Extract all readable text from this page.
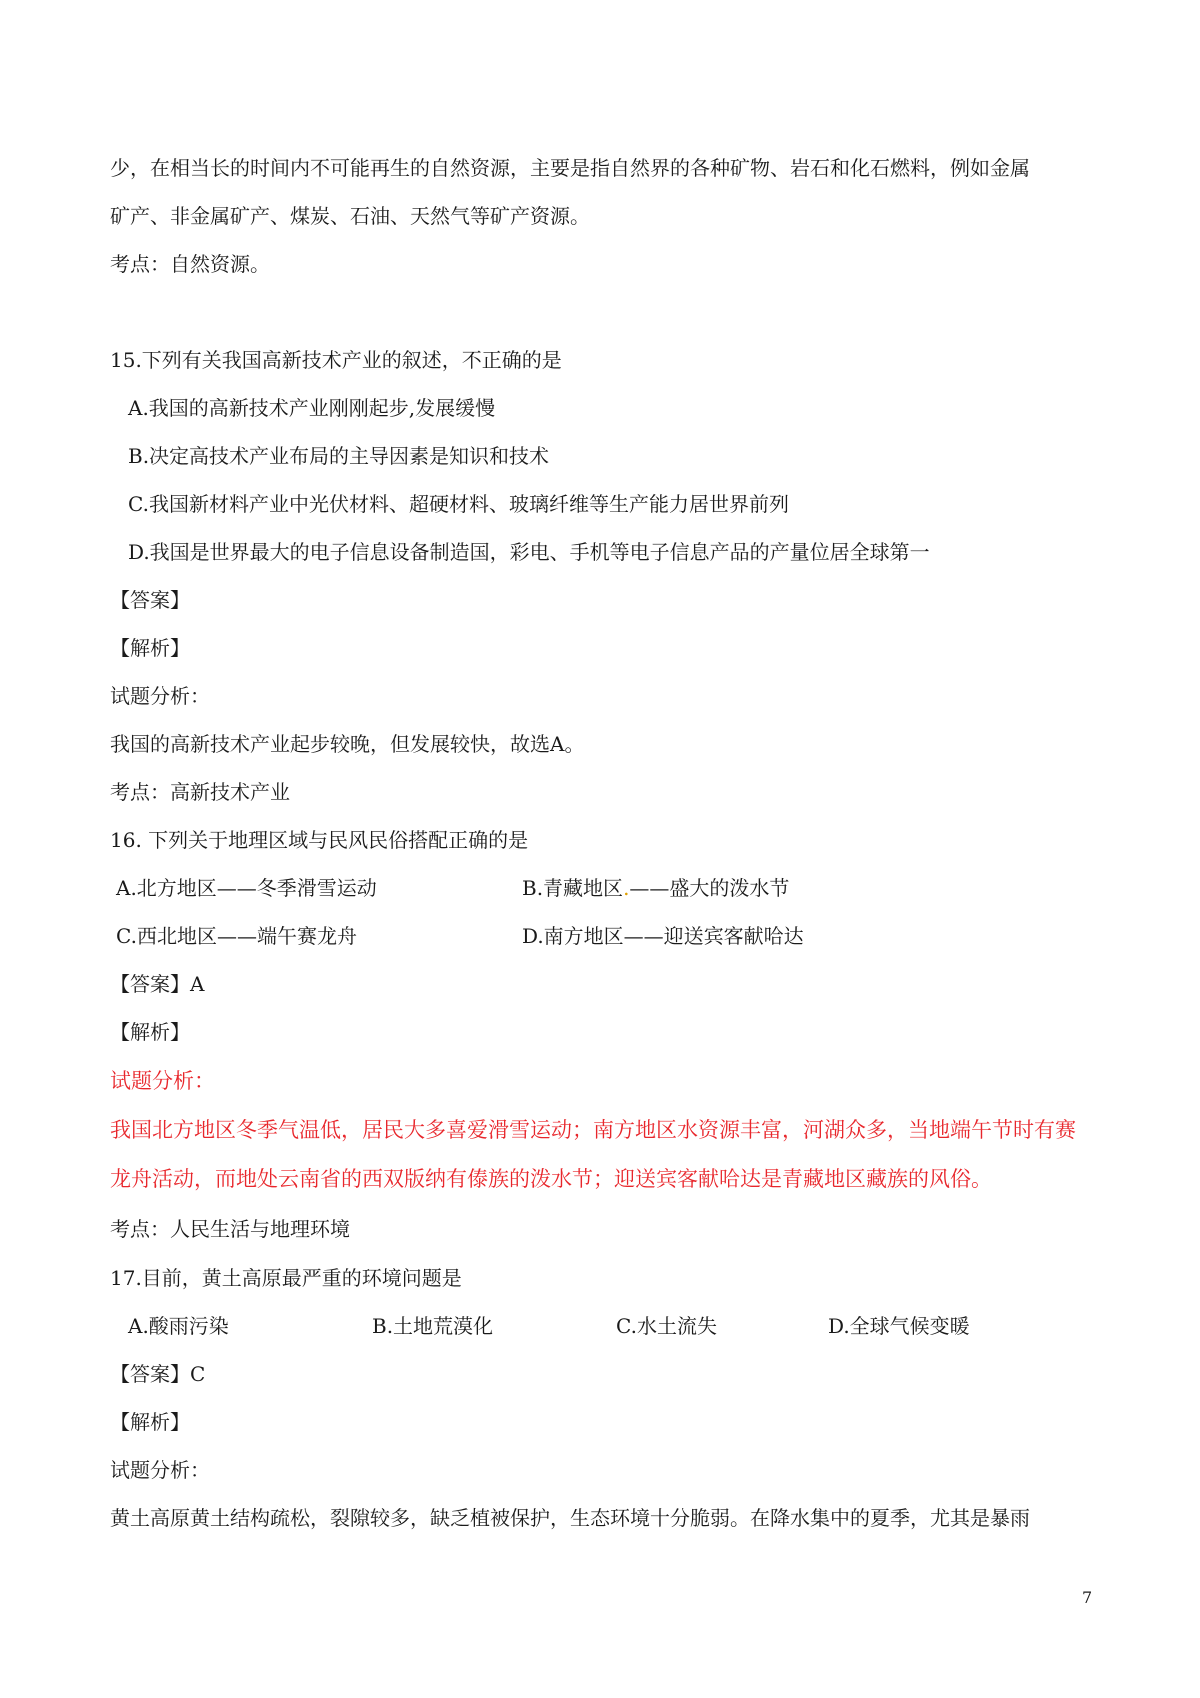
少，在相当长的时间内不可能再生的自然资源，主要是指自然界的各种矿物、岩石和化石燃料，例如金属
矿产、非金属矿产、煤炭、石油、天然气等矿产资源。
考点：自然资源。
15.下列有关我国高新技术产业的叙述，不正确的是
A.我国的高新技术产业刚刚起步,发展缓慢
B.决定高技术产业布局的主导因素是知识和技术
C.我国新材料产业中光伏材料、超硬材料、玻璃纤维等生产能力居世界前列
D.我国是世界最大的电子信息设备制造国，彩电、手机等电子信息产品的产量位居全球第一
【答案】
【解析】
试题分析：
我国的高新技术产业起步较晚，但发展较快，故选A。
考点：高新技术产业
16. 下列关于地理区域与民风民俗搭配正确的是
A.北方地区——冬季滑雪运动	B.青藏地区.——盛大的泼水节
C.西北地区——端午赛龙舟	D.南方地区——迎送宾客献哈达
【答案】A
【解析】
试题分析：
我国北方地区冬季气温低，居民大多喜爱滑雪运动；南方地区水资源丰富，河湖众多，当地端午节时有赛
龙舟活动，而地处云南省的西双版纳有傣族的泼水节；迎送宾客献哈达是青藏地区藏族的风俗。
考点：人民生活与地理环境
17.目前，黄土高原最严重的环境问题是
A.酸雨污染	B.土地荒漠化	C.水土流失	D.全球气候变暖
【答案】C
【解析】
试题分析：
黄土高原黄土结构疏松，裂隙较多，缺乏植被保护，生态环境十分脆弱。在降水集中的夏季，尤其是暴雨
7
